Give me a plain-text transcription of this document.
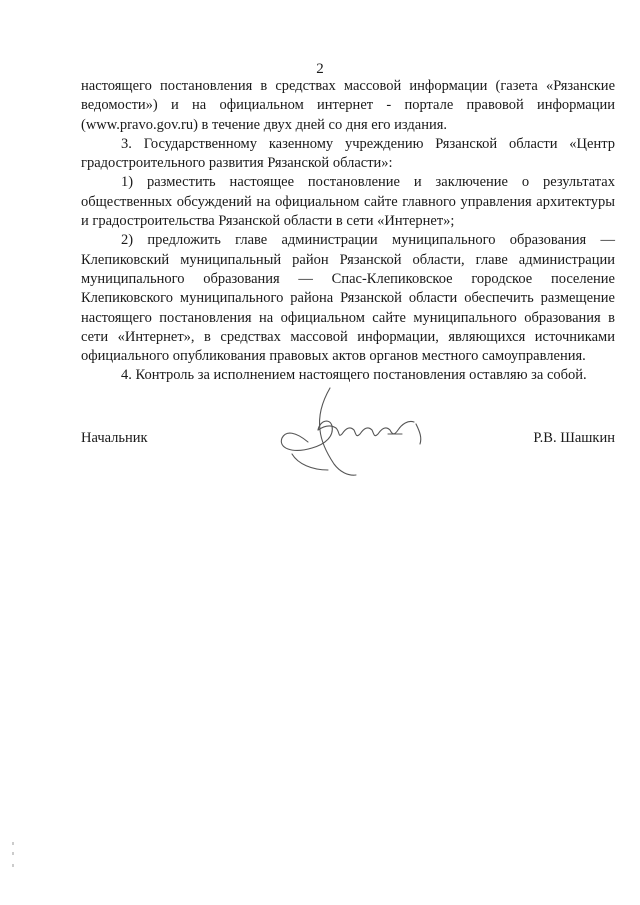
2

настоящего постановления в средствах массовой информации (газета «Рязанские ведомости») и на официальном интернет - портале правовой информации (www.pravo.gov.ru) в течение двух дней со дня его издания.

3. Государственному казенному учреждению Рязанской области «Центр градостроительного развития Рязанской области»:

1) разместить настоящее постановление и заключение о результатах общественных обсуждений на официальном сайте главного управления архитектуры и градостроительства Рязанской области в сети «Интернет»;

2) предложить главе администрации муниципального образования — Клепиковский муниципальный район Рязанской области, главе администрации муниципального образования — Спас-Клепиковское городское поселение Клепиковского муниципального района Рязанской области обеспечить размещение настоящего постановления на официальном сайте муниципального образования в сети «Интернет», в средствах массовой информации, являющихся источниками официального опубликования правовых актов органов местного самоуправления.

4. Контроль за исполнением настоящего постановления оставляю за собой.

Начальник	Р.В. Шашкин
